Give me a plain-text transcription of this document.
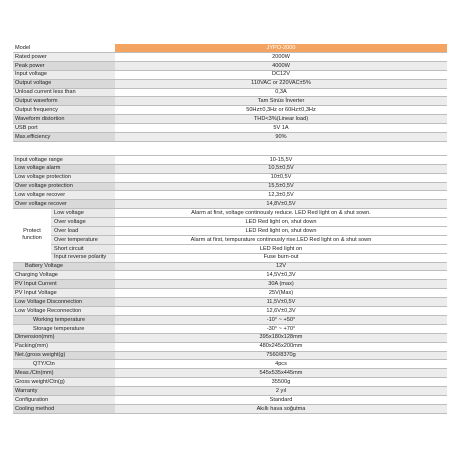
Model		JYPO-2000
Rated power		2000W
Peak power		4000W
Input voltage		DC12V
Output voltage		110VAC or 220VAC±5%
Unload current less than		0,3A
Output waveform		Tam Sinüs İnverter
Output frequency		50Hz±0,3Hz or 60Hz±0,3Hz
Waveform distortion		THD<3%(Linear load)
USB port		5V 1A
Max.efficiency		90%

Input voltage range		10-15,5V
Low voltage alarm		10,5±0,5V
Low voltage protection		10±0,5V
Over voltage protection		15,5±0,5V
Low voltage recover		12,3±0,5V
Over voltage recover		14,8V±0,5V
Protect function	Low voltage	Alarm at first, voltage continously reduce. LED Red light on & shut sown.
	Over voltage	LED Red light on, shut down
	Over load	LED Red light on, shut down
	Over temperature	Alarm at first, tempurature continously rise.LED Red light on & shut sown
	Short circuit	LED Red light on
	Input reverse polarity	Fuse burn-out
Battery Voltage		12V
Charging Voltage		14,5V±0,3V
PV Input Current		30A (max)
PV Input Voltage		25V(Max)
Low Voltage Disconnection		11,5V±0,5V
Low Voltage Reconnection		12,6V±0,3V
Working temperature		-10° ~ +50°
Storage temperature		-30° ~ +70°
Dimension(mm)		395x180x128mm
Packing(mm)		480x245x200mm
Net.(gross weight(g)		7560/8370g
QTY/Ctn		4pcs
Meas./Ctn(mm)		545x535x445mm
Gross weight/Ctn(g)		35500g
Warranty		2 yıl
Configuration		Standard
Cooling method		Akıllı hava soğutma
